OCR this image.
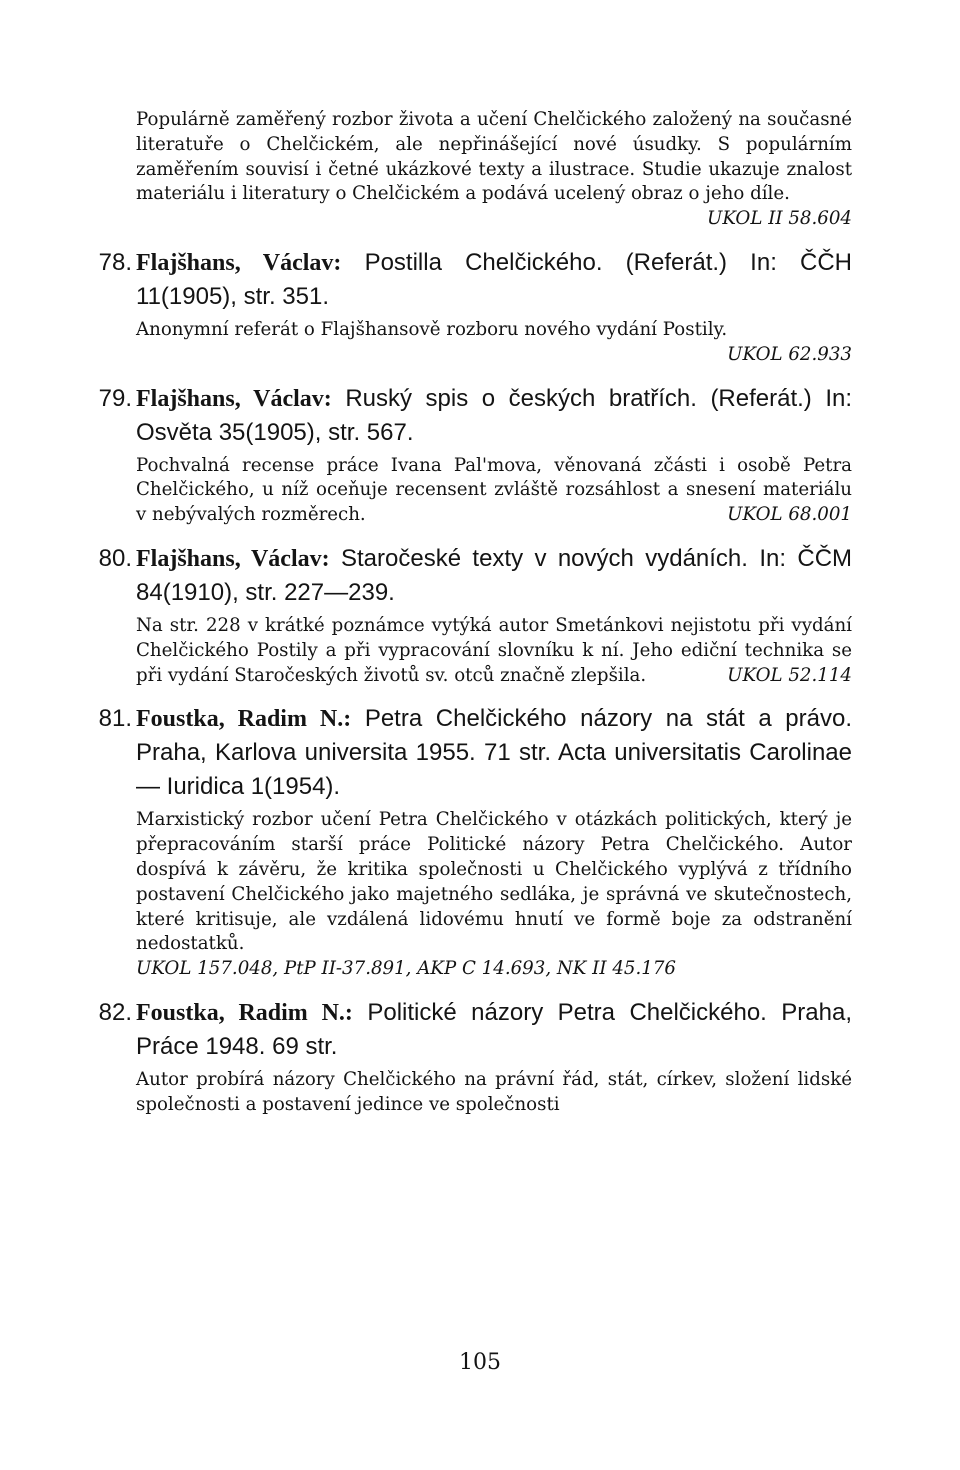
Populárně zaměřený rozbor života a učení Chelčického založený na současné literatuře o Chelčickém, ale nepřinášející nové úsudky. S populárním zaměřením souvisí i četné ukázkové texty a ilustrace. Studie ukazuje znalost materiálu i literatury o Chelčickém a podává ucelený obraz o jeho díle.
UKOL II 58.604

78. Flajšhans, Václav: Postilla Chelčického. (Referát.) In: ČČH 11(1905), str. 351.

Anonymní referát o Flajšhansově rozboru nového vydání Postily.

UKOL 62.933

79. Flajšhans, Václav: Ruský spis o českých bratřích. (Referát.) In: Osvěta 35(1905), str. 567.

Pochvalná recense práce Ivana Pal'mova, věnovaná zčásti i osobě Petra Chelčického, u níž oceňuje recensent zvláště rozsáhlost a snesení materiálu v nebývalých rozměrech.	UKOL 68.001

80. Flajšhans, Václav: Staročeské texty v nových vydáních. In: ČČM 84(1910), str. 227—239.

Na str. 228 v krátké poznámce vytýká autor Smetánkovi nejistotu při vydání Chelčického Postily a při vypracování slovníku k ní. Jeho ediční technika se při vydání Staročeských životů sv. otců značně zlepšila.	UKOL 52.114

81. Foustka, Radim N.: Petra Chelčického názory na stát a právo. Praha, Karlova universita 1955. 71 str. Acta universitatis Carolinae — Iuridica 1(1954).

Marxistický rozbor učení Petra Chelčického v otázkách politických, který je přepracováním starší práce Politické názory Petra Chelčického. Autor dospívá k závěru, že kritika společnosti u Chelčického vyplývá z třídního postavení Chelčického jako majetného sedláka, je správná ve skutečnostech, které kritisuje, ale vzdálená lidovému hnutí ve formě boje za odstranění nedostatků.

UKOL 157.048, PtP II-37.891, AKP C 14.693, NK II 45.176

82. Foustka, Radim N.: Politické názory Petra Chelčického. Praha, Práce 1948. 69 str.

Autor probírá názory Chelčického na právní řád, stát, církev, složení lidské společnosti a postavení jedince ve společnosti

105
